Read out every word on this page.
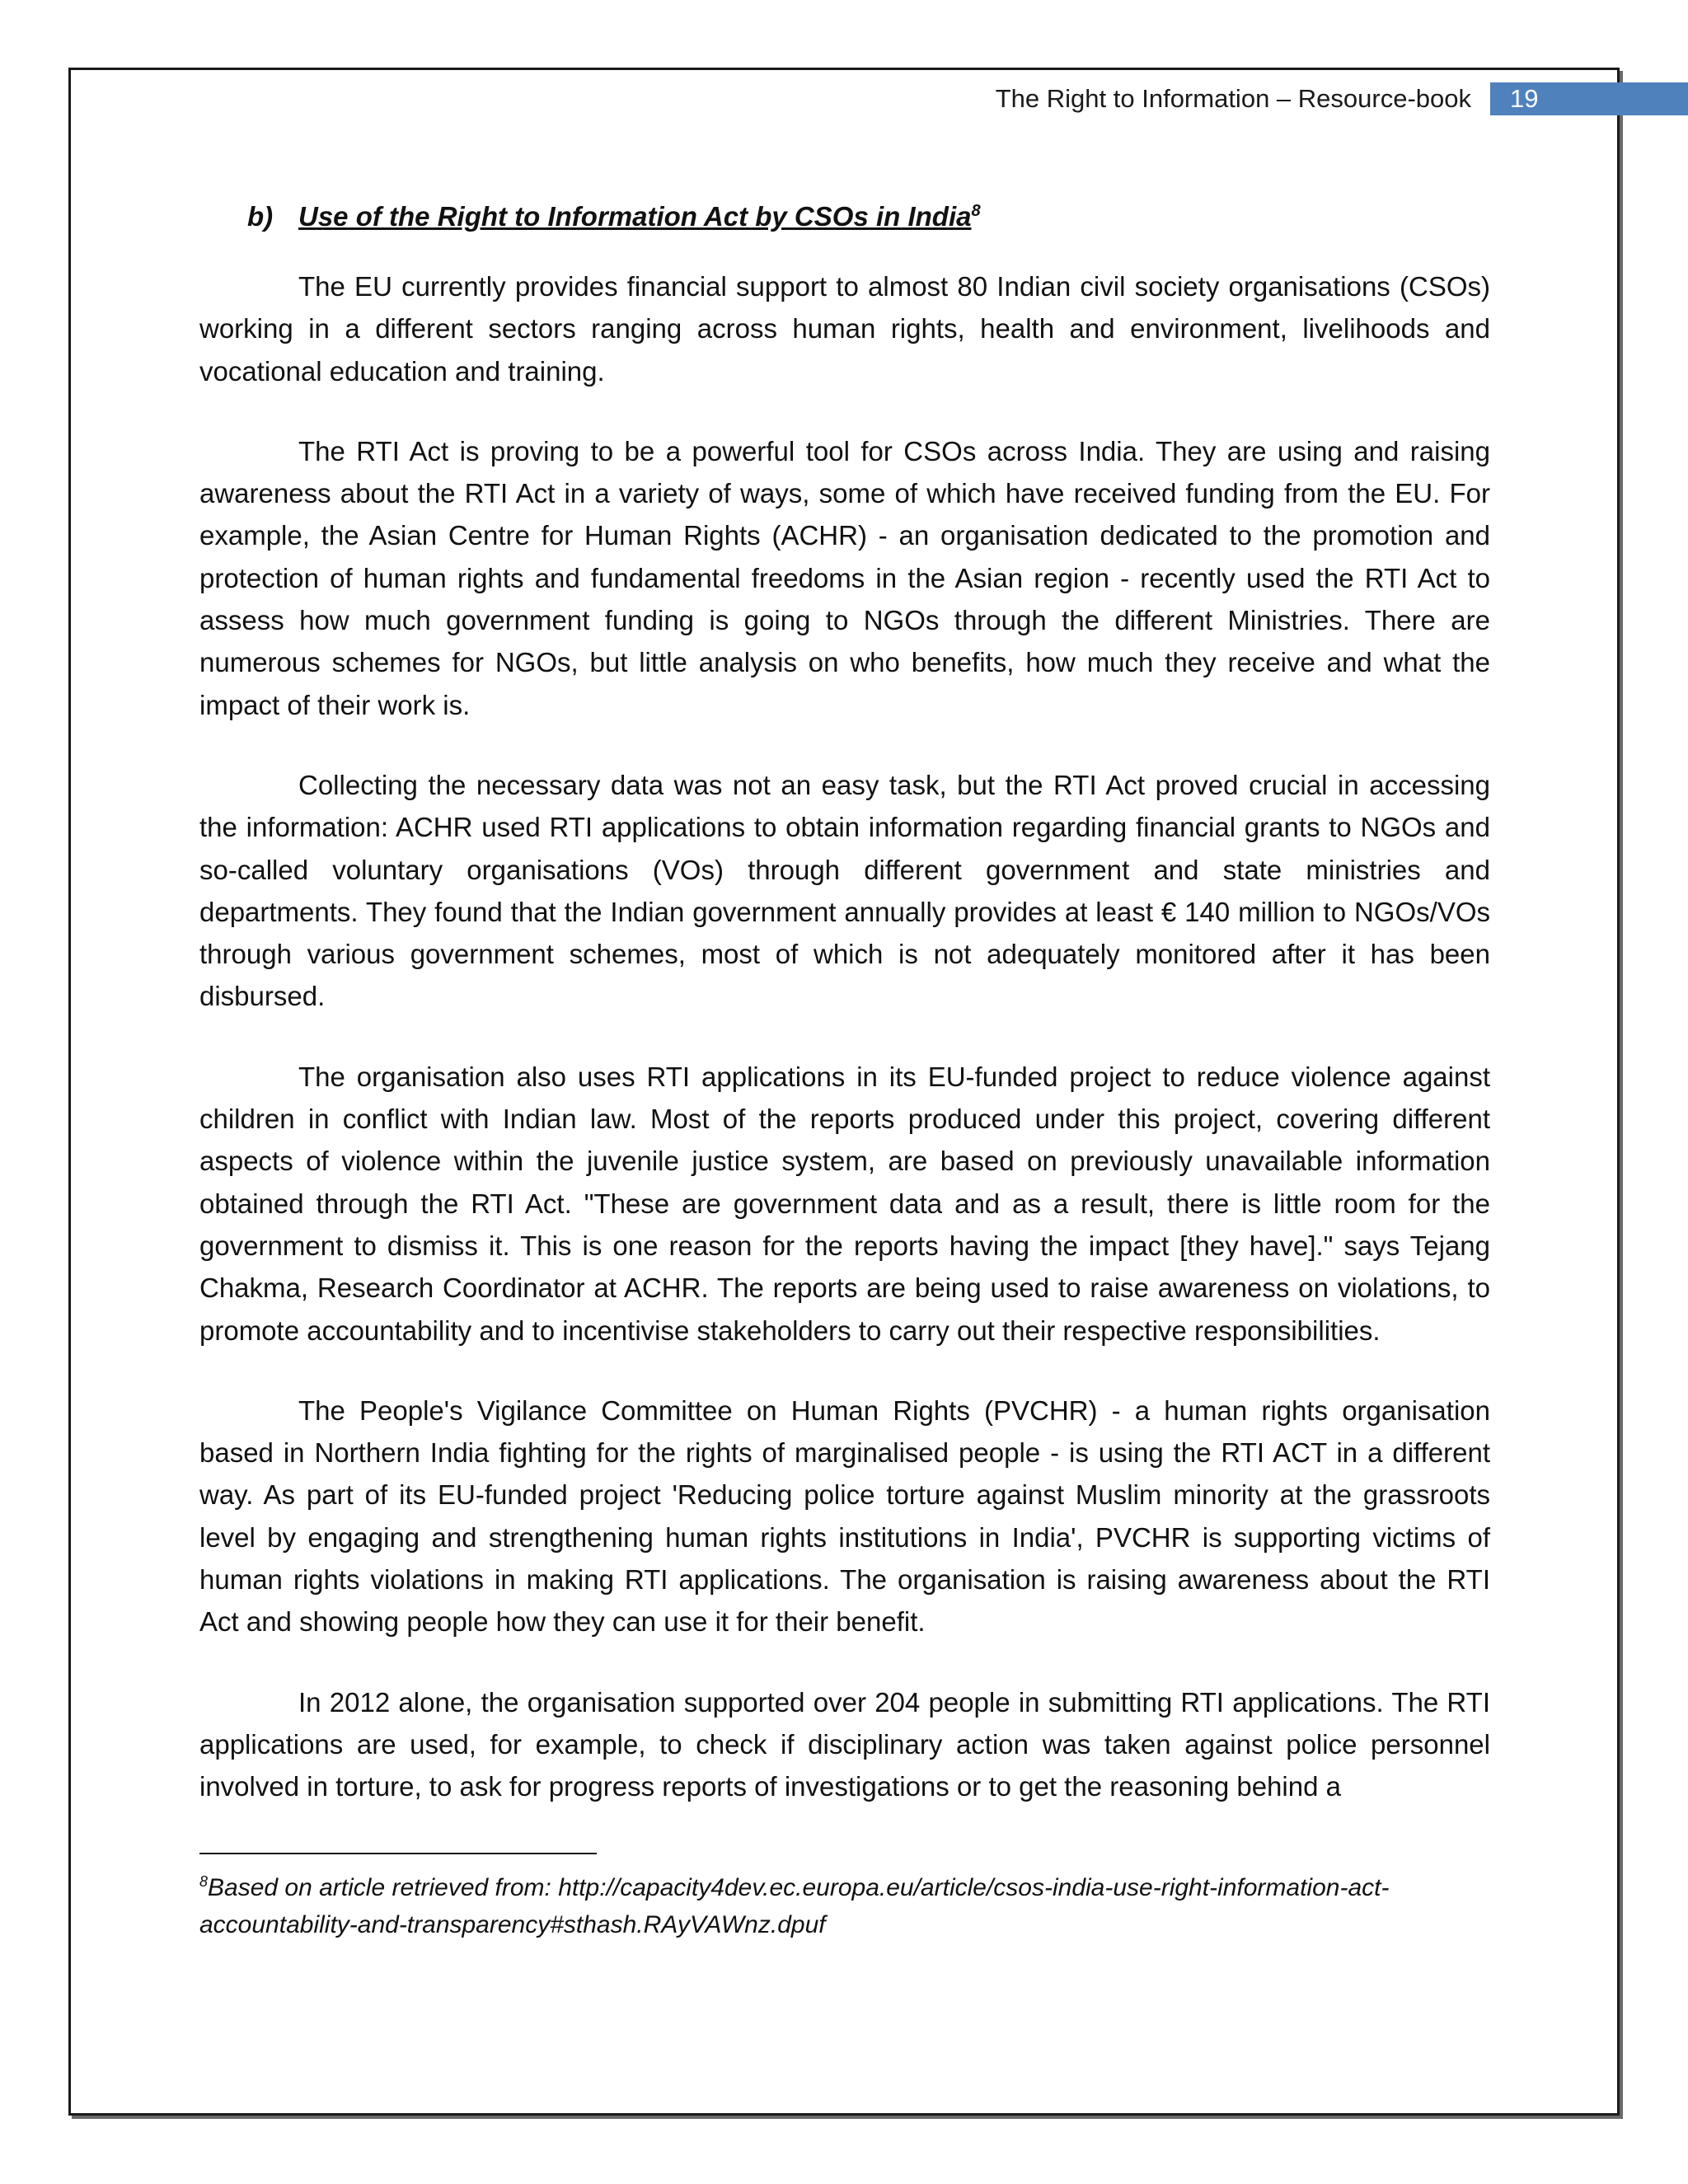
The Right to Information – Resource-book 19
b) Use of the Right to Information Act by CSOs in India$^8$

The EU currently provides financial support to almost 80 Indian civil society organisations (CSOs) working in a different sectors ranging across human rights, health and environment, livelihoods and vocational education and training.

The RTI Act is proving to be a powerful tool for CSOs across India. They are using and raising awareness about the RTI Act in a variety of ways, some of which have received funding from the EU. For example, the Asian Centre for Human Rights (ACHR) - an organisation dedicated to the promotion and protection of human rights and fundamental freedoms in the Asian region - recently used the RTI Act to assess how much government funding is going to NGOs through the different Ministries. There are numerous schemes for NGOs, but little analysis on who benefits, how much they receive and what the impact of their work is.

Collecting the necessary data was not an easy task, but the RTI Act proved crucial in accessing the information: ACHR used RTI applications to obtain information regarding financial grants to NGOs and so-called voluntary organisations (VOs) through different government and state ministries and departments. They found that the Indian government annually provides at least € 140 million to NGOs/VOs through various government schemes, most of which is not adequately monitored after it has been disbursed.

The organisation also uses RTI applications in its EU-funded project to reduce violence against children in conflict with Indian law. Most of the reports produced under this project, covering different aspects of violence within the juvenile justice system, are based on previously unavailable information obtained through the RTI Act. "These are government data and as a result, there is little room for the government to dismiss it. This is one reason for the reports having the impact [they have]." says Tejang Chakma, Research Coordinator at ACHR. The reports are being used to raise awareness on violations, to promote accountability and to incentivise stakeholders to carry out their respective responsibilities.

The People's Vigilance Committee on Human Rights (PVCHR) - a human rights organisation based in Northern India fighting for the rights of marginalised people - is using the RTI ACT in a different way. As part of its EU-funded project 'Reducing police torture against Muslim minority at the grassroots level by engaging and strengthening human rights institutions in India', PVCHR is supporting victims of human rights violations in making RTI applications. The organisation is raising awareness about the RTI Act and showing people how they can use it for their benefit.

In 2012 alone, the organisation supported over 204 people in submitting RTI applications. The RTI applications are used, for example, to check if disciplinary action was taken against police personnel involved in torture, to ask for progress reports of investigations or to get the reasoning behind a

$^8$Based on article retrieved from: http://capacity4dev.ec.europa.eu/article/csos-india-use-right-information-act-accountability-and-transparency#sthash.RAyVAWnz.dpuf
